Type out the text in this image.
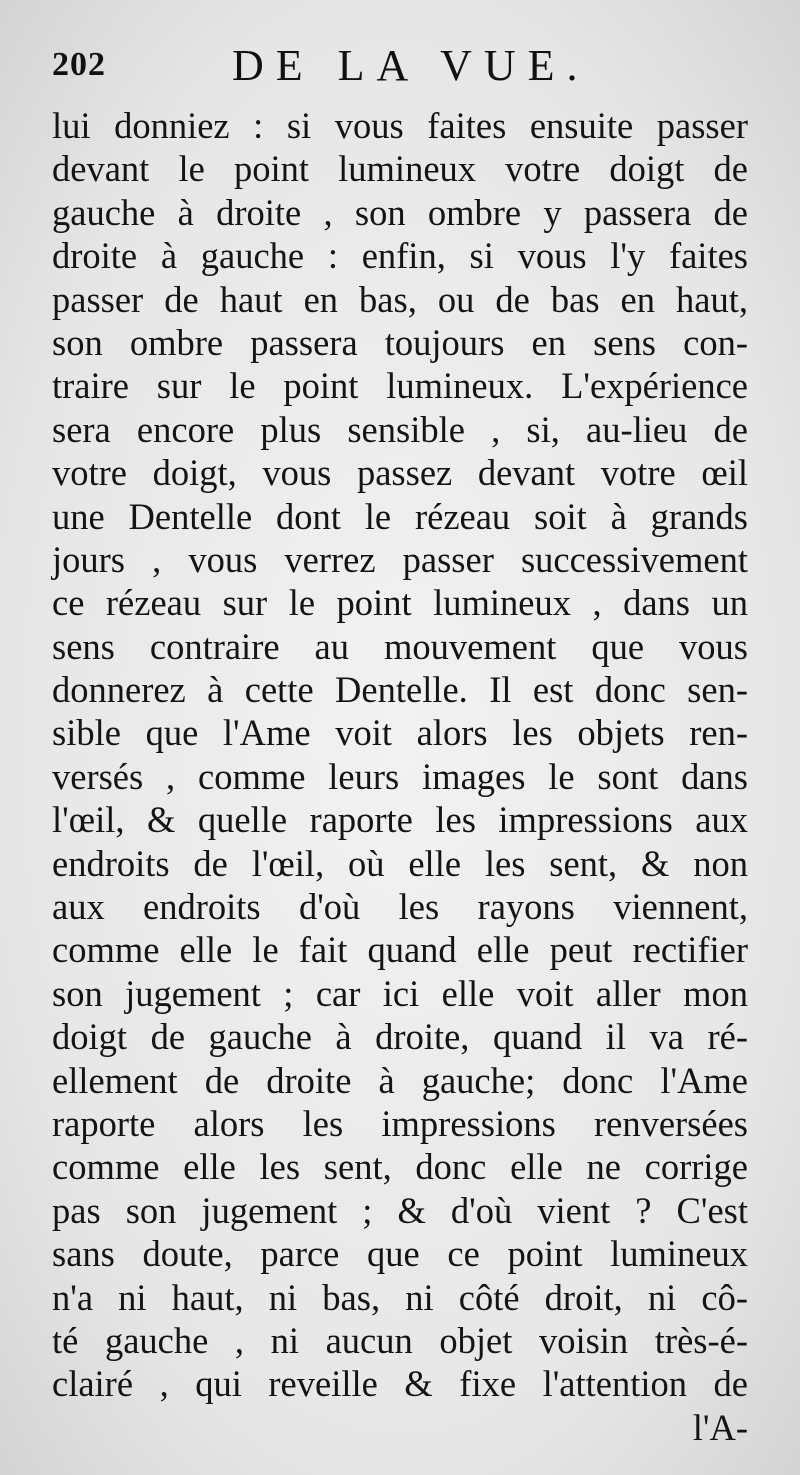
202	DE LA VUE.
lui donniez : si vous faites ensuite passer
devant le point lumineux votre doigt de
gauche à droite , son ombre y passera de
droite à gauche : enfin, si vous l'y faites
passer de haut en bas, ou de bas en haut,
son ombre passera toujours en sens con-
traire sur le point lumineux. L'expérience
sera encore plus sensible , si, au-lieu de
votre doigt, vous passez devant votre œil
une Dentelle dont le rézeau soit à grands
jours , vous verrez passer successivement
ce rézeau sur le point lumineux , dans un
sens contraire au mouvement que vous
donnerez à cette Dentelle. Il est donc sen-
sible que l'Ame voit alors les objets ren-
versés , comme leurs images le sont dans
l'œil, & quelle raporte les impressions aux
endroits de l'œil, où elle les sent, & non
aux endroits d'où les rayons viennent,
comme elle le fait quand elle peut rectifier
son jugement ; car ici elle voit aller mon
doigt de gauche à droite, quand il va ré-
ellement de droite à gauche; donc l'Ame
raporte alors les impressions renversées
comme elle les sent, donc elle ne corrige
pas son jugement ; & d'où vient ? C'est
sans doute, parce que ce point lumineux
n'a ni haut, ni bas, ni côté droit, ni cô-
té gauche , ni aucun objet voisin très-é-
clairé , qui reveille & fixe l'attention de
l'A-
